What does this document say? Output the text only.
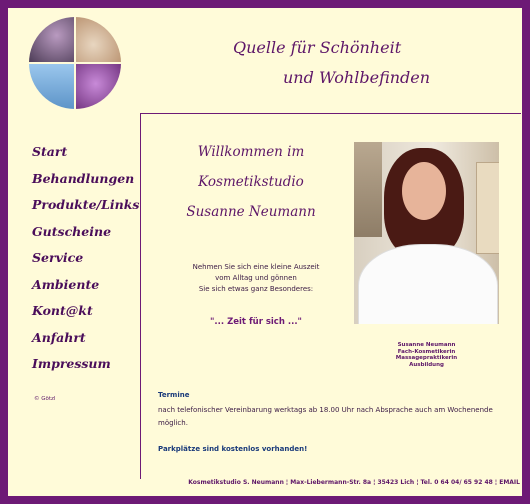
Quelle für Schönheit
und Wohlbefinden
Start
Behandlungen
Produkte/Links
Gutscheine
Service
Ambiente
Kont@kt
Anfahrt
Impressum
© Götzl
Willkommen im
Kosmetikstudio
Susanne Neumann
Susanne Neumann
Fach-Kosmetikerin
Massagepraktikerin
Ausbildung
Nehmen Sie sich eine kleine Auszeit
vom Alltag und gönnen
Sie sich etwas ganz Besonderes:
"... Zeit für sich ..."
Termine
nach telefonischer Vereinbarung werktags ab 18.00 Uhr nach Absprache auch am Wochenende möglich.
Parkplätze sind kostenlos vorhanden!
Kosmetikstudio S. Neumann ¦ Max-Liebermann-Str. 8a ¦ 35423 Lich ¦ Tel. 0 64 04/ 65 92 48 ¦ EMAIL
